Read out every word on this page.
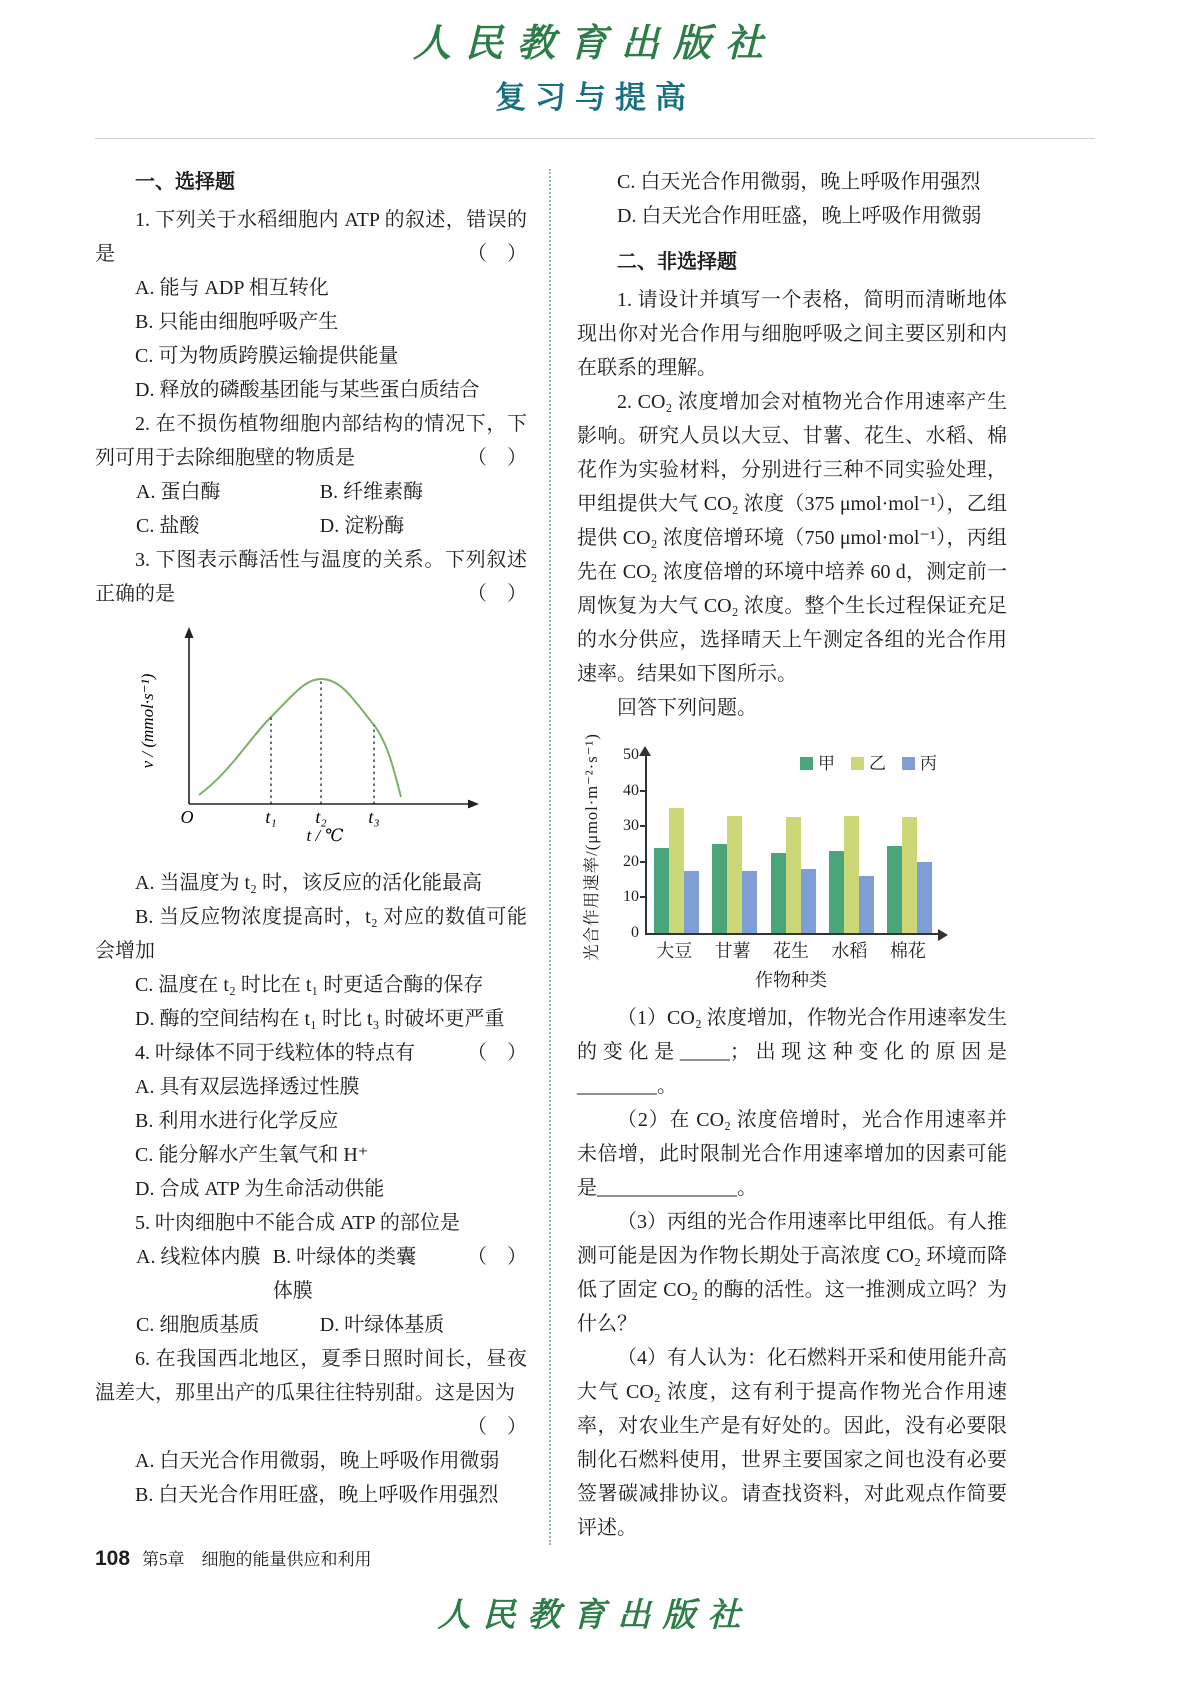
人民教育出版社
复习与提高

一、选择题

1. 下列关于水稻细胞内 ATP 的叙述，错误的是	（　）

A. 能与 ADP 相互转化

B. 只能由细胞呼吸产生

C. 可为物质跨膜运输提供能量

D. 释放的磷酸基团能与某些蛋白质结合

2. 在不损伤植物细胞内部结构的情况下，下列可用于去除细胞壁的物质是	（　）

A. 蛋白酶	B. 纤维素酶
C. 盐酸	D. 淀粉酶

3. 下图表示酶活性与温度的关系。下列叙述正确的是	（　）

O	t₁ t₂ t₃
t / ℃
v / (mmol·s⁻¹)

A. 当温度为 t₂ 时，该反应的活化能最高

B. 当反应物浓度提高时，t₂ 对应的数值可能会增加

C. 温度在 t₂ 时比在 t₁ 时更适合酶的保存

D. 酶的空间结构在 t₁ 时比 t₃ 时破坏更严重

4. 叶绿体不同于线粒体的特点有	（　）

A. 具有双层选择透过性膜

B. 利用水进行化学反应

C. 能分解水产生氧气和 H⁺

D. 合成 ATP 为生命活动供能

5. 叶肉细胞中不能合成 ATP 的部位是
（　）

A. 线粒体内膜 B. 叶绿体的类囊体膜
C. 细胞质基质	D. 叶绿体基质

6. 在我国西北地区，夏季日照时间长，昼夜温差大，那里出产的瓜果往往特别甜。这是因为

（　）

A. 白天光合作用微弱，晚上呼吸作用微弱

B. 白天光合作用旺盛，晚上呼吸作用强烈

C. 白天光合作用微弱，晚上呼吸作用强烈

D. 白天光合作用旺盛，晚上呼吸作用微弱

二、非选择题

1. 请设计并填写一个表格，简明而清晰地体现出你对光合作用与细胞呼吸之间主要区别和内在联系的理解。

2. CO₂ 浓度增加会对植物光合作用速率产生影响。研究人员以大豆、甘薯、花生、水稻、棉花作为实验材料，分别进行三种不同实验处理，甲组提供大气 CO₂ 浓度（375 μmol·mol⁻¹），乙组提供 CO₂ 浓度倍增环境（750 μmol·mol⁻¹），丙组先在 CO₂ 浓度倍增的环境中培养 60 d，测定前一周恢复为大气 CO₂ 浓度。整个生长过程保证充足的水分供应，选择晴天上午测定各组的光合作用速率。结果如下图所示。

回答下列问题。

光合作用速率/(μmol·m⁻²·s⁻¹)	甲 乙 丙
0
10
20
30
40
50
大豆	甘薯	花生	水稻	棉花
作物种类

（1）CO₂ 浓度增加，作物光合作用速率发生的变化是_____；出现这种变化的原因是________。

（2）在 CO₂ 浓度倍增时，光合作用速率并未倍增，此时限制光合作用速率增加的因素可能是______________。

（3）丙组的光合作用速率比甲组低。有人推测可能是因为作物长期处于高浓度 CO₂ 环境而降低了固定 CO₂ 的酶的活性。这一推测成立吗？为什么？

（4）有人认为：化石燃料开采和使用能升高大气 CO₂ 浓度，这有利于提高作物光合作用速率，对农业生产是有好处的。因此，没有必要限制化石燃料使用，世界主要国家之间也没有必要签署碳减排协议。请查找资料，对此观点作简要评述。

108 第5章　细胞的能量供应和利用
人民教育出版社
